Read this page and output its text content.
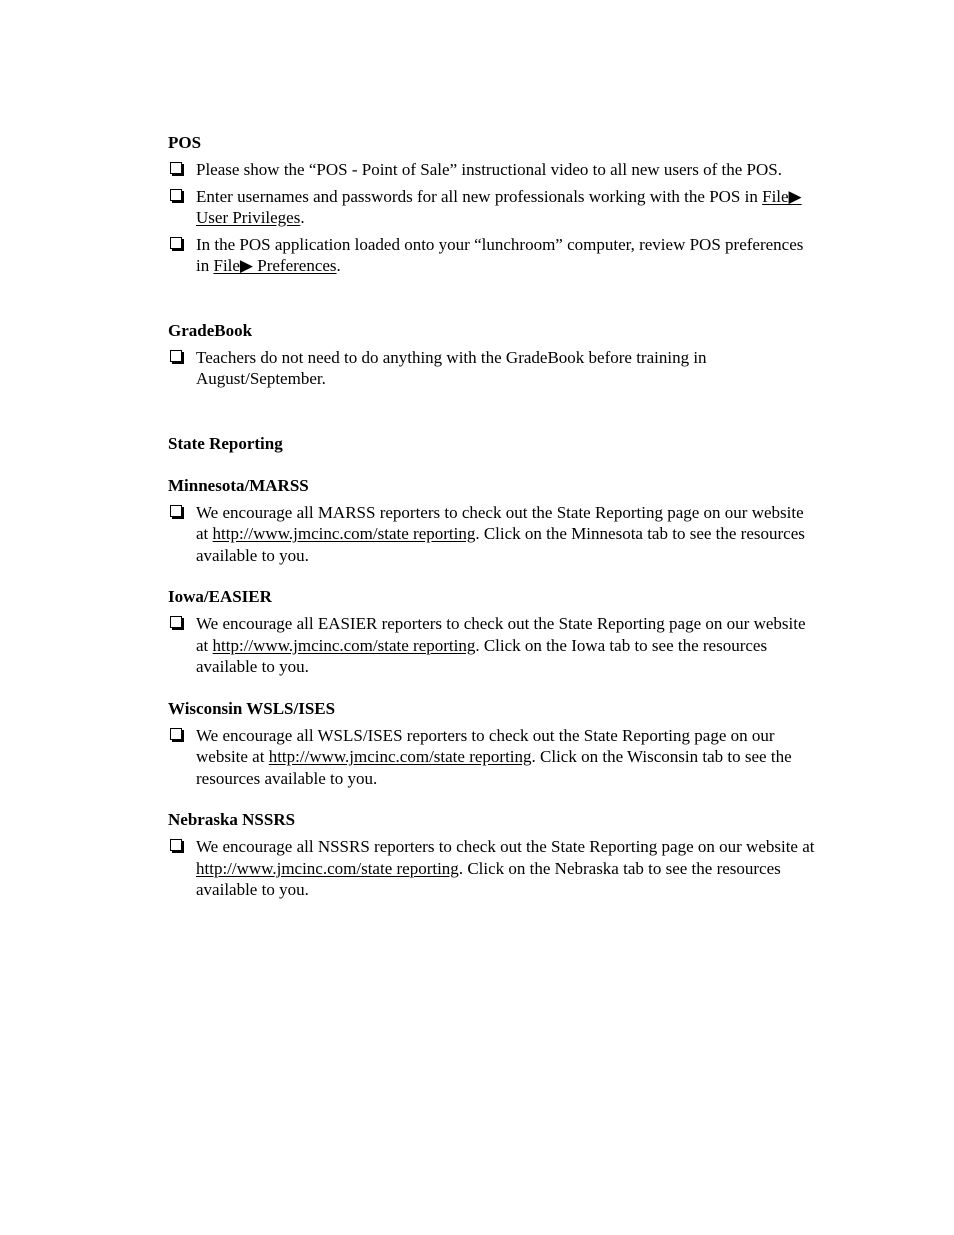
POS

Please show the “POS - Point of Sale” instructional video to all new users of the POS.
Enter usernames and passwords for all new professionals working with the POS in File▶ User Privileges.
In the POS application loaded onto your “lunchroom” computer, review POS preferences in File▶ Preferences.

GradeBook

Teachers do not need to do anything with the GradeBook before training in August/September.

State Reporting

Minnesota/MARSS

We encourage all MARSS reporters to check out the State Reporting page on our website at http://www.jmcinc.com/state reporting. Click on the Minnesota tab to see the resources available to you.

Iowa/EASIER

We encourage all EASIER reporters to check out the State Reporting page on our website at http://www.jmcinc.com/state reporting. Click on the Iowa tab to see the resources available to you.

Wisconsin WSLS/ISES

We encourage all WSLS/ISES reporters to check out the State Reporting page on our website at http://www.jmcinc.com/state reporting. Click on the Wisconsin tab to see the resources available to you.

Nebraska NSSRS

We encourage all NSSRS reporters to check out the State Reporting page on our website at http://www.jmcinc.com/state reporting. Click on the Nebraska tab to see the resources available to you.
